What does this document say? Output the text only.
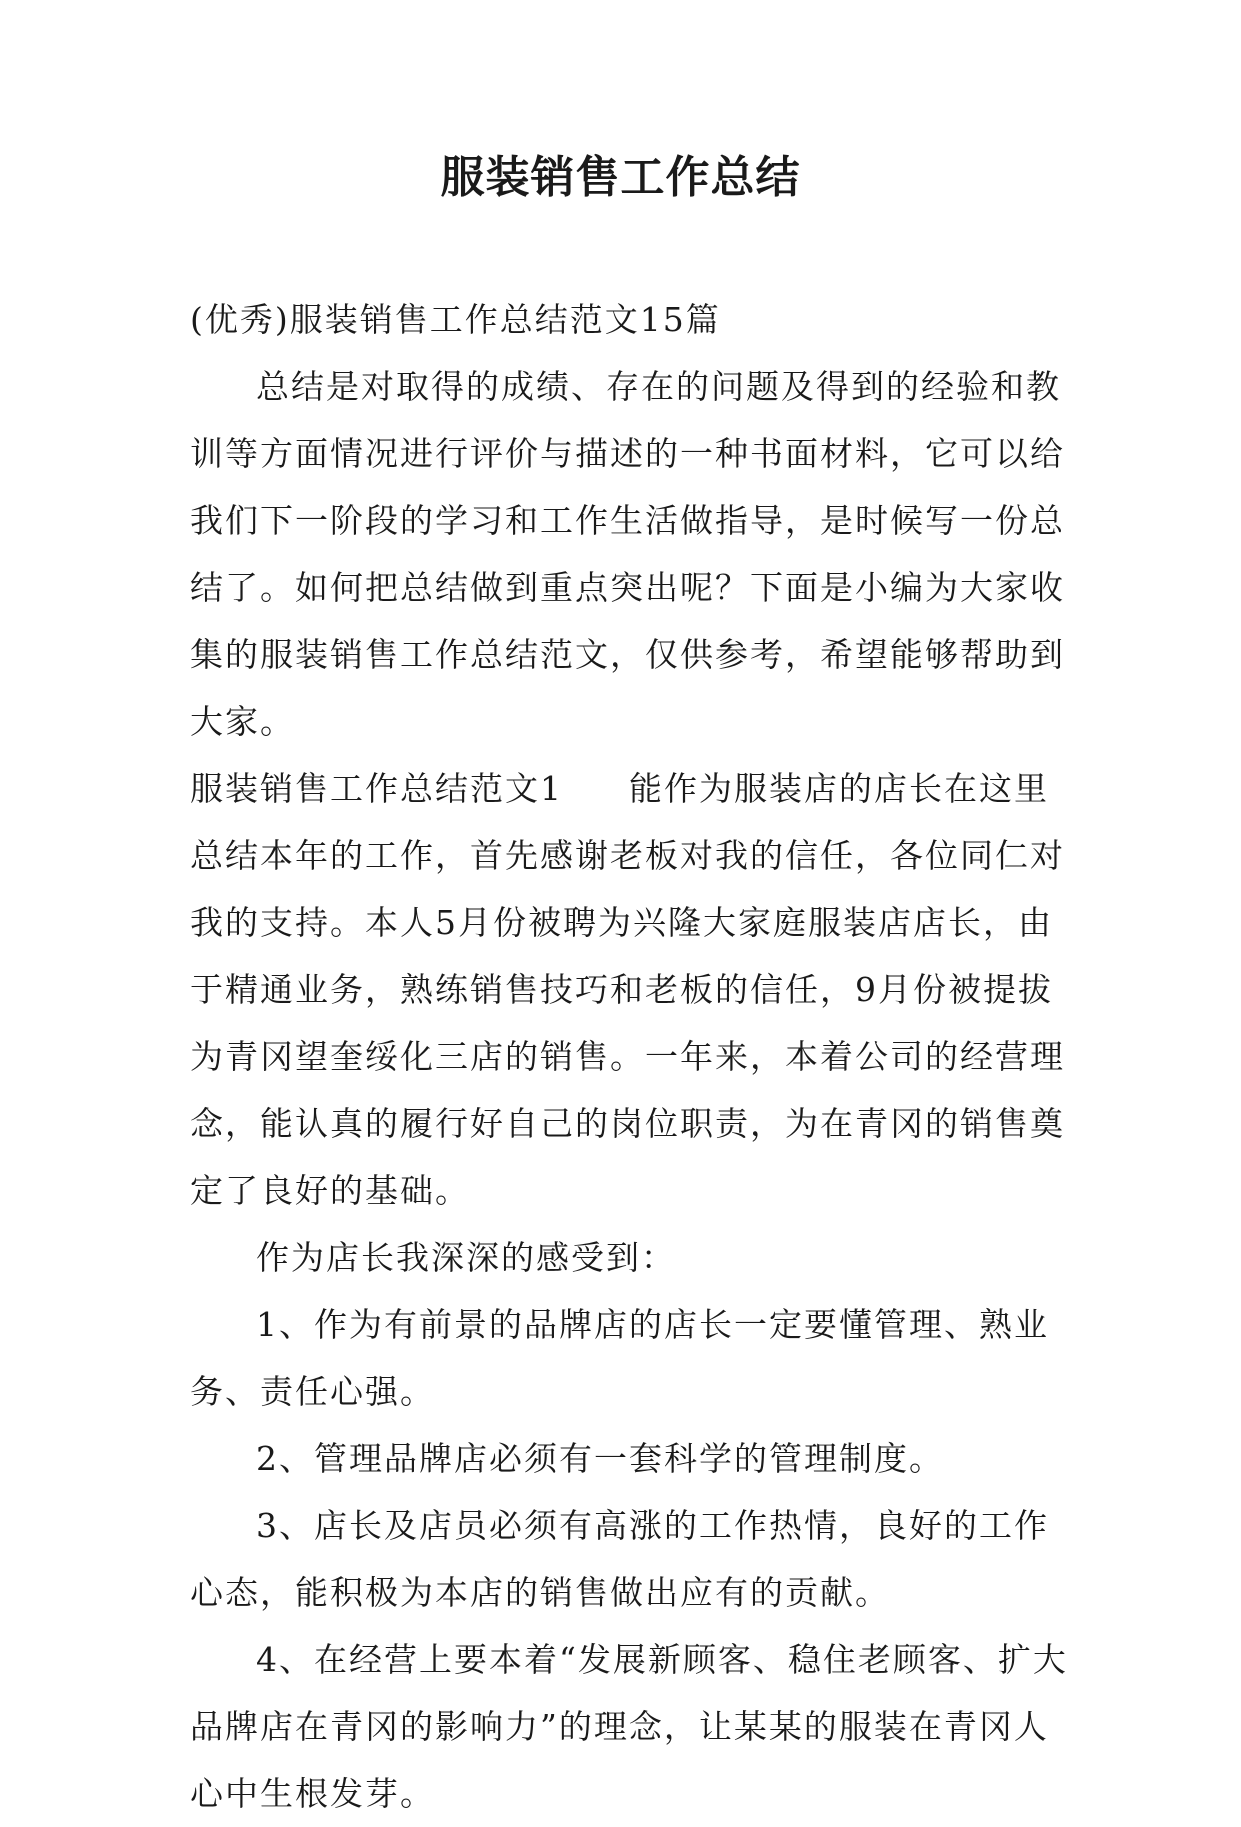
服装销售工作总结

(优秀)服装销售工作总结范文15篇

总结是对取得的成绩、存在的问题及得到的经验和教训等方面情况进行评价与描述的一种书面材料，它可以给我们下一阶段的学习和工作生活做指导，是时候写一份总结了。如何把总结做到重点突出呢？下面是小编为大家收集的服装销售工作总结范文，仅供参考，希望能够帮助到大家。

服装销售工作总结范文1 能作为服装店的店长在这里总结本年的工作，首先感谢老板对我的信任，各位同仁对我的支持。本人5月份被聘为兴隆大家庭服装店店长，由于精通业务，熟练销售技巧和老板的信任，9月份被提拔为青冈望奎绥化三店的销售。一年来，本着公司的经营理念，能认真的履行好自己的岗位职责，为在青冈的销售奠定了良好的基础。

作为店长我深深的感受到：

1、作为有前景的品牌店的店长一定要懂管理、熟业务、责任心强。

2、管理品牌店必须有一套科学的管理制度。

3、店长及店员必须有高涨的工作热情，良好的工作心态，能积极为本店的销售做出应有的贡献。

4、在经营上要本着“发展新顾客、稳住老顾客、扩大品牌店在青冈的影响力”的理念，让某某的服装在青冈人心中生根发芽。
